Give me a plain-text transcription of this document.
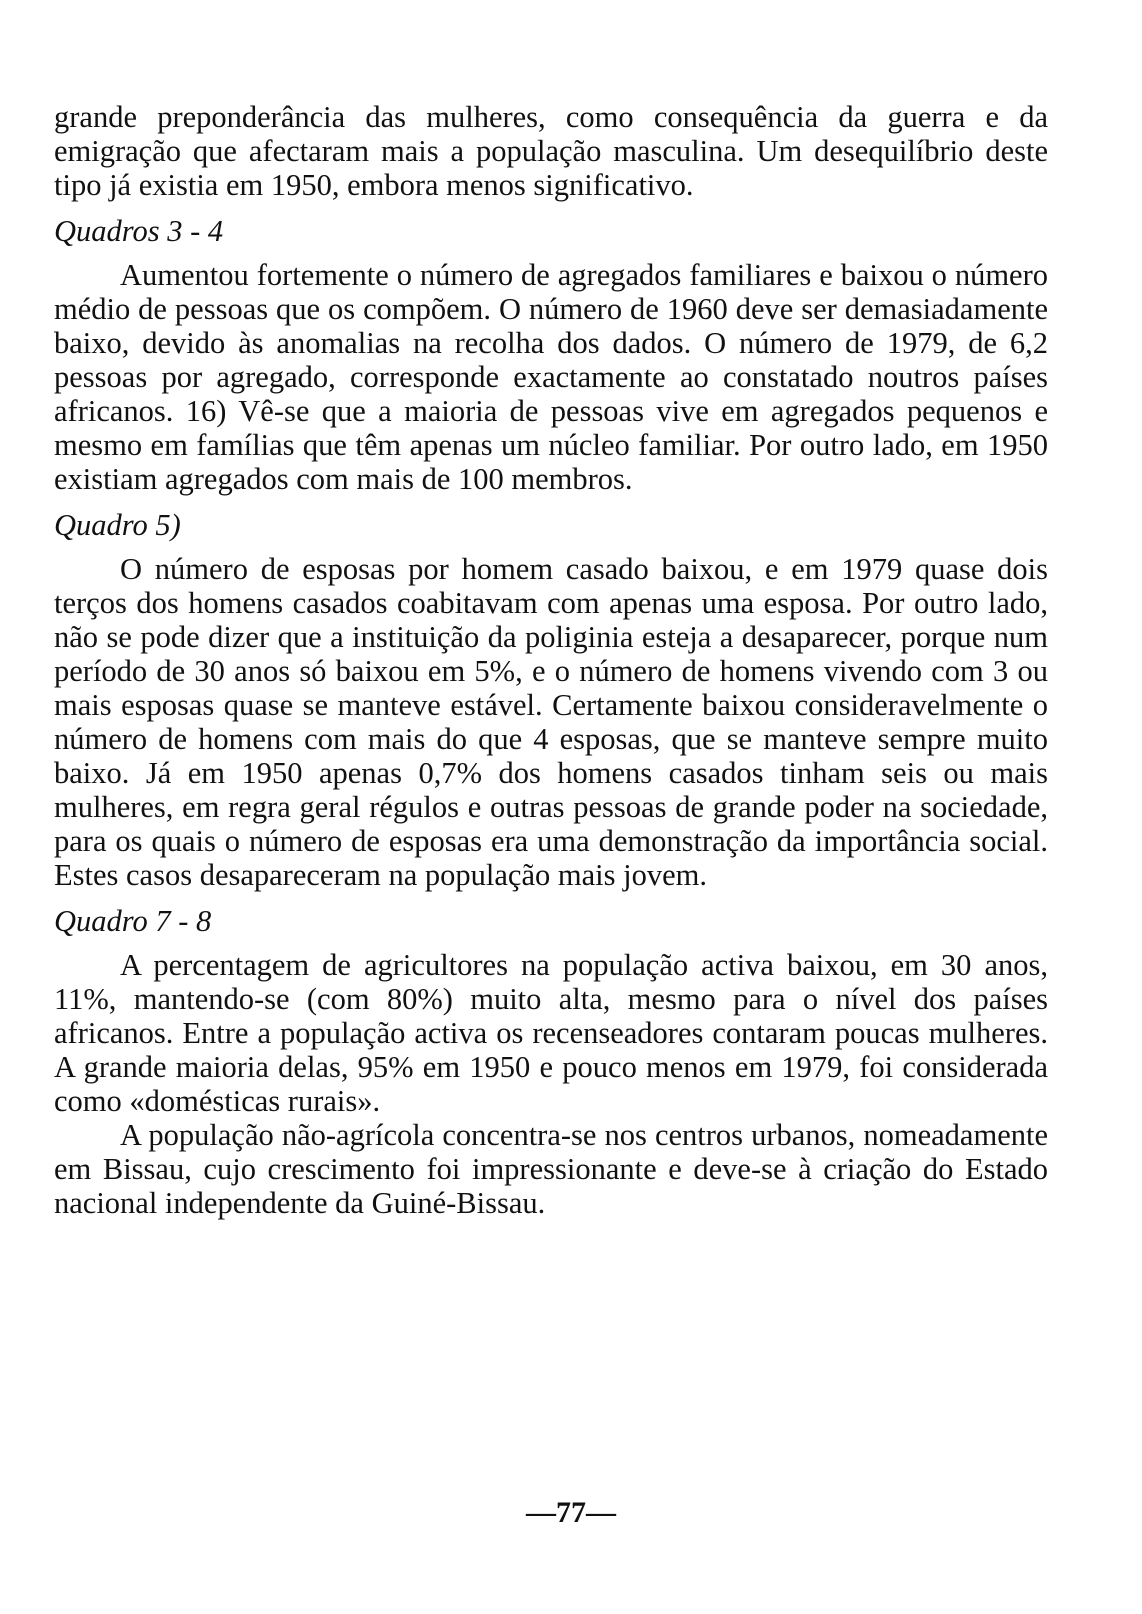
grande preponderância das mulheres, como consequência da guerra e da emigração que afectaram mais a população masculina. Um desequilíbrio deste tipo já existia em 1950, embora menos significativo.

Quadros 3 - 4

Aumentou fortemente o número de agregados familiares e baixou o número médio de pessoas que os compõem. O número de 1960 deve ser demasiadamente baixo, devido às anomalias na recolha dos dados. O número de 1979, de 6,2 pessoas por agregado, corresponde exactamente ao constatado noutros países africanos. 16) Vê-se que a maioria de pessoas vive em agregados pequenos e mesmo em famílias que têm apenas um núcleo familiar. Por outro lado, em 1950 existiam agregados com mais de 100 membros.

Quadro 5)

O número de esposas por homem casado baixou, e em 1979 quase dois terços dos homens casados coabitavam com apenas uma esposa. Por outro lado, não se pode dizer que a instituição da poliginia esteja a desaparecer, porque num período de 30 anos só baixou em 5%, e o número de homens vivendo com 3 ou mais esposas quase se manteve estável. Certamente baixou consideravelmente o número de homens com mais do que 4 esposas, que se manteve sempre muito baixo. Já em 1950 apenas 0,7% dos homens casados tinham seis ou mais mulheres, em regra geral régulos e outras pessoas de grande poder na sociedade, para os quais o número de esposas era uma demonstração da importância social. Estes casos desapareceram na população mais jovem.

Quadro 7 - 8

A percentagem de agricultores na população activa baixou, em 30 anos, 11%, mantendo-se (com 80%) muito alta, mesmo para o nível dos países africanos. Entre a população activa os recenseadores contaram poucas mulheres. A grande maioria delas, 95% em 1950 e pouco menos em 1979, foi considerada como «domésticas rurais».

A população não-agrícola concentra-se nos centros urbanos, nomeadamente em Bissau, cujo crescimento foi impressionante e deve-se à criação do Estado nacional independente da Guiné-Bissau.

—77—
